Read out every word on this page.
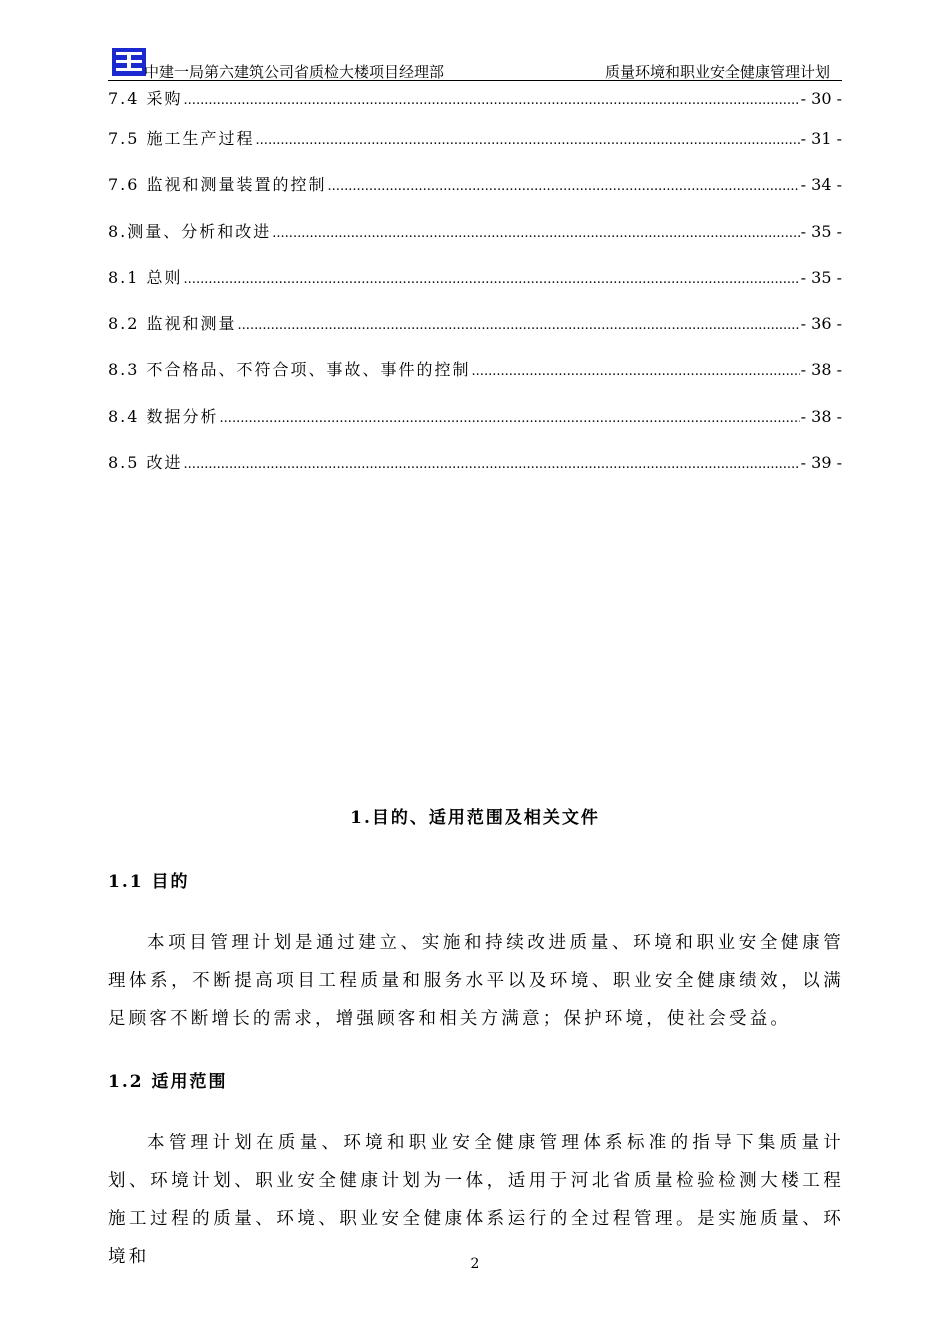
中建一局第六建筑公司省质检大楼项目经理部	质量环境和职业安全健康管理计划
7.4 采购 .....	- 30 -
7.5 施工生产过程 .....	- 31 -
7.6 监视和测量装置的控制 .....	- 34 -
8.测量、分析和改进 .....	- 35 -
8.1 总则 .....	- 35 -
8.2 监视和测量 .....	- 36 -
8.3 不合格品、不符合项、事故、事件的控制 .....	- 38 -
8.4 数据分析 .....	- 38 -
8.5 改进 .....	- 39 -
1.目的、适用范围及相关文件
1.1 目的
本项目管理计划是通过建立、实施和持续改进质量、环境和职业安全健康管理体系，不断提高项目工程质量和服务水平以及环境、职业安全健康绩效，以满足顾客不断增长的需求，增强顾客和相关方满意；保护环境，使社会受益。
1.2 适用范围
本管理计划在质量、环境和职业安全健康管理体系标准的指导下集质量计划、环境计划、职业安全健康计划为一体，适用于河北省质量检验检测大楼工程施工过程的质量、环境、职业安全健康体系运行的全过程管理。是实施质量、环境和	2
